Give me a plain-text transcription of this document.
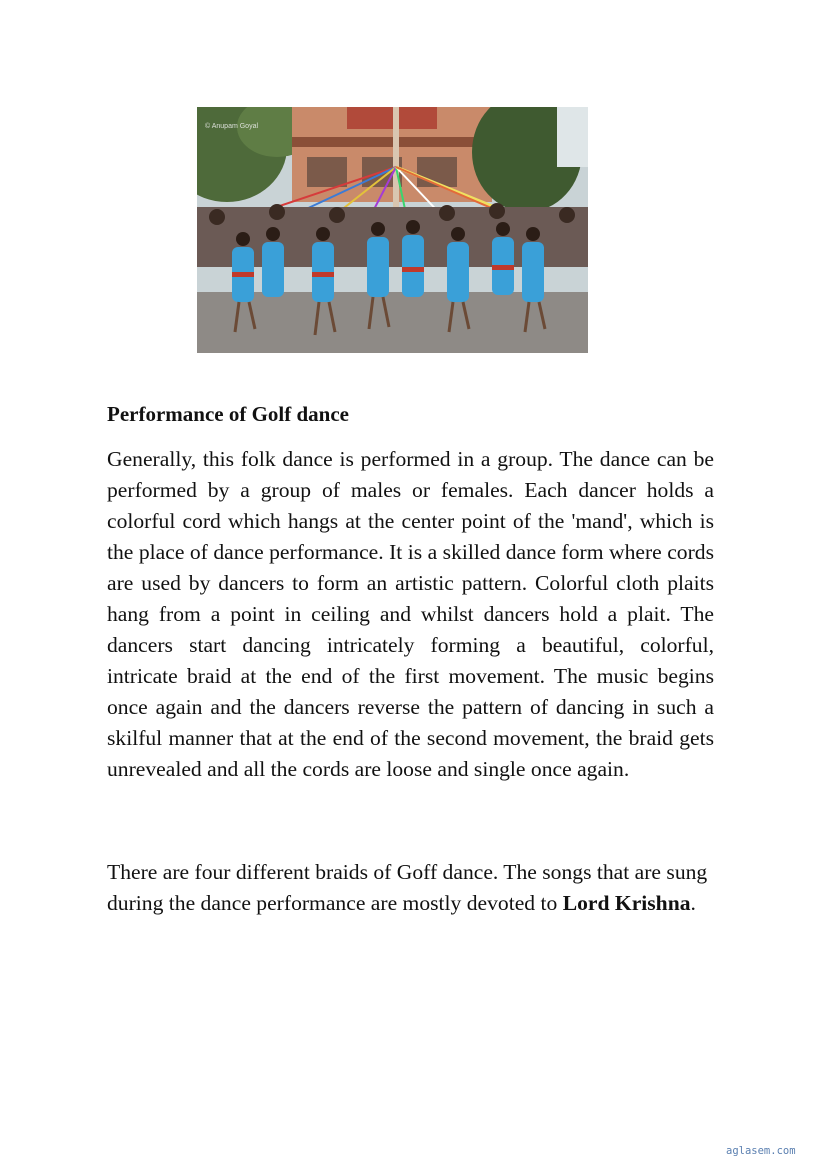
© Anupam Goyal
Performance of Golf dance

Generally, this folk dance is performed in a group. The dance can be performed by a group of males or females. Each dancer holds a colorful cord which hangs at the center point of the 'mand', which is the place of dance performance. It is a skilled dance form where cords are used by dancers to form an artistic pattern. Colorful cloth plaits hang from a point in ceiling and whilst dancers hold a plait. The dancers start dancing intricately forming a beautiful, colorful, intricate braid at the end of the first movement. The music begins once again and the dancers reverse the pattern of dancing in such a skilful manner that at the end of the second movement, the braid gets unrevealed and all the cords are loose and single once again.

There are four different braids of Goff dance. The songs that are sung during the dance performance are mostly devoted to Lord Krishna.

aglasem.com
